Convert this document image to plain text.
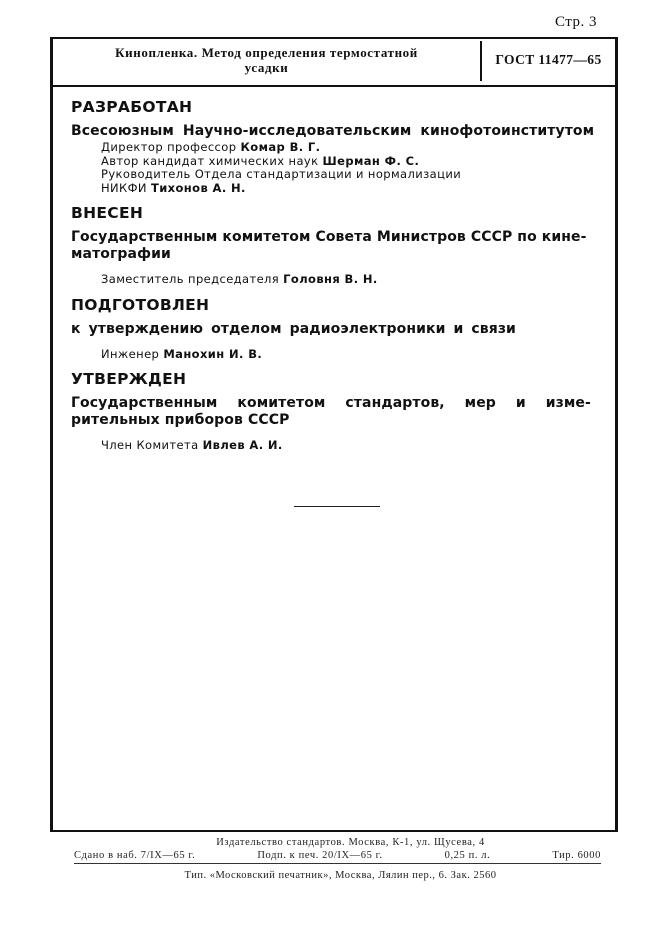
Стр. 3
Кинопленка. Метод определения термостатной
усадки
ГОСТ 11477—65
РАЗРАБОТАН
Всесоюзным Научно-исследовательским кинофотоинститутом
Директор профессор Комар В. Г.
Автор кандидат химических наук Шерман Ф. С.
Руководитель Отдела стандартизации и нормализации
НИКФИ Тихонов А. Н.
ВНЕСЕН
Государственным комитетом Совета Министров СССР по кине-
матографии
Заместитель председателя Головня В. Н.
ПОДГОТОВЛЕН
к утверждению отделом радиоэлектроники и связи
Инженер Манохин И. В.
УТВЕРЖДЕН
Государственным комитетом стандартов, мер и изме-
рительных приборов СССР
Член Комитета Ивлев А. И.
Издательство стандартов. Москва, К-1, ул. Щусева, 4
Сдано в наб. 7/IX—65 г.	Подп. к печ. 20/IX—65 г.	0,25 п. л.	Тир. 6000
Тип. «Московский печатник», Москва, Лялин пер., 6. Зак. 2560
